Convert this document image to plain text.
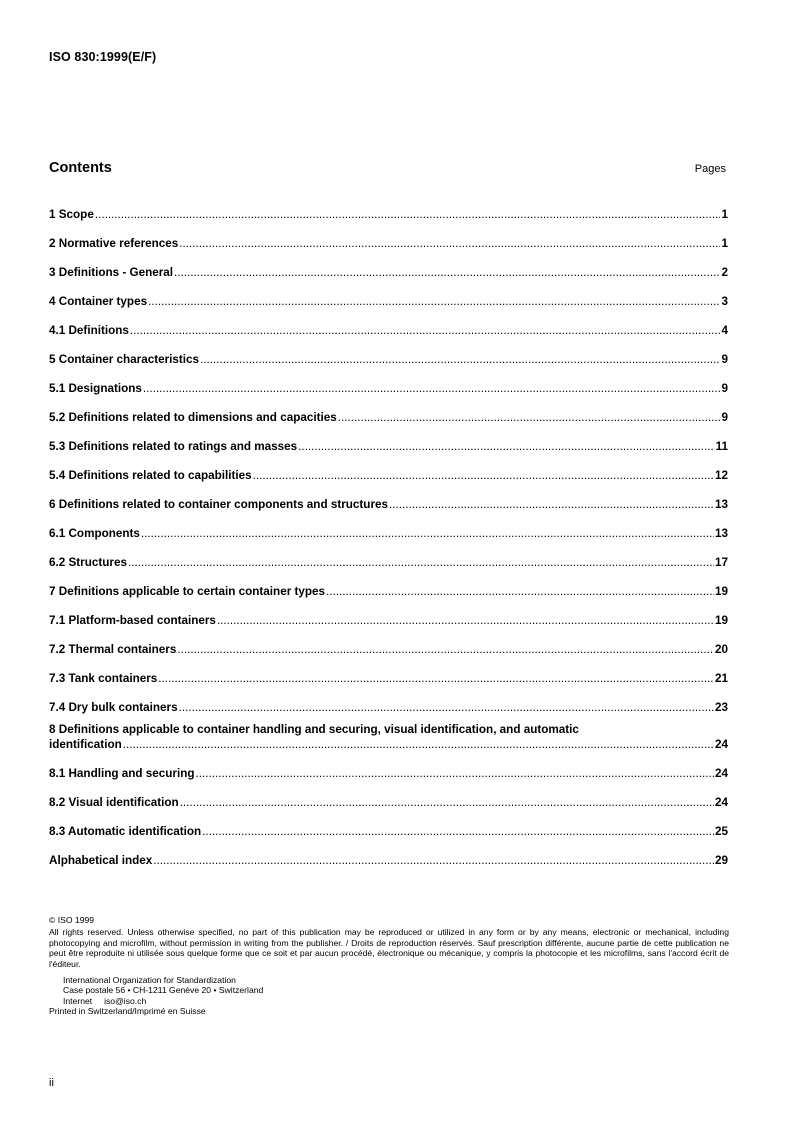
ISO 830:1999(E/F)
Contents	Pages
1 Scope .....	1
2 Normative references .....	1
3 Definitions - General .....	2
4 Container types .....	3
4.1 Definitions .....	4
5 Container characteristics .....	9
5.1 Designations .....	9
5.2 Definitions related to dimensions and capacities .....	9
5.3 Definitions related to ratings and masses .....	11
5.4 Definitions related to capabilities .....	12
6 Definitions related to container components and structures .....	13
6.1 Components .....	13
6.2 Structures .....	17
7 Definitions applicable to certain container types .....	19
7.1 Platform-based containers .....	19
7.2 Thermal containers .....	20
7.3 Tank containers .....	21
7.4 Dry bulk containers .....	23
8 Definitions applicable to container handling and securing, visual identification, and automatic
identification .....	24
8.1 Handling and securing .....	24
8.2 Visual identification .....	24
8.3 Automatic identification .....	25
Alphabetical index .....	29

© ISO 1999

All rights reserved. Unless otherwise specified, no part of this publication may be reproduced or utilized in any form or by any means, electronic or mechanical, including photocopying and microfilm, without permission in writing from the publisher. / Droits de reproduction réservés. Sauf prescription différente, aucune partie de cette publication ne peut être reproduite ni utilisée sous quelque forme que ce soit et par aucun procédé, électronique ou mécanique, y compris la photocopie et les microfilms, sans l'accord écrit de l'éditeur.

International Organization for Standardization

Case postale 56 • CH-1211 Genève 20 • Switzerland

Internet     iso@iso.ch

Printed in Switzerland/Imprimé en Suisse

ii
